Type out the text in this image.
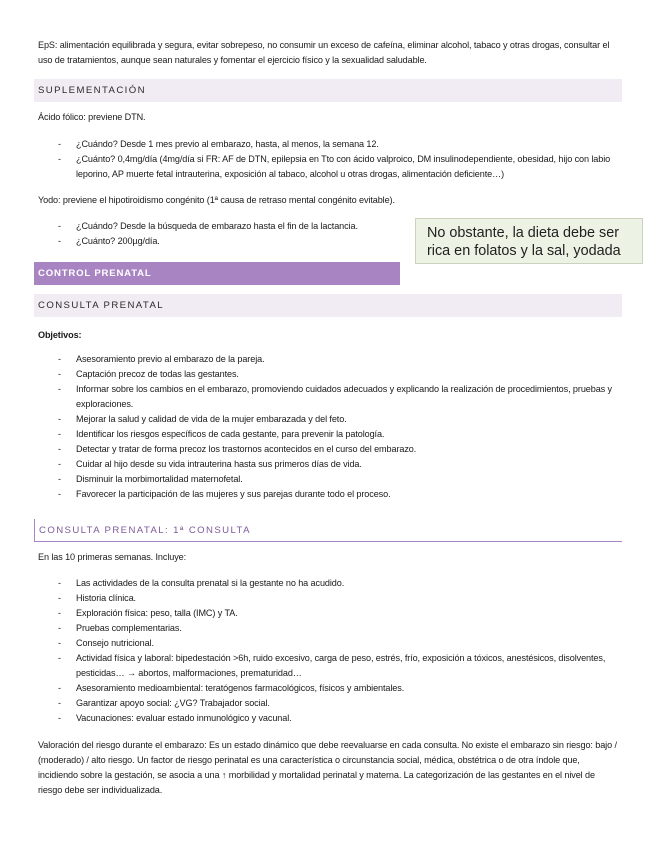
EpS: alimentación equilibrada y segura, evitar sobrepeso, no consumir un exceso de cafeína, eliminar alcohol, tabaco y otras drogas, consultar el uso de tratamientos, aunque sean naturales y fomentar el ejercicio físico y la sexualidad saludable.
SUPLEMENTACIÓN
Ácido fólico: previene DTN.
- ¿Cuándo? Desde 1 mes previo al embarazo, hasta, al menos, la semana 12.
- ¿Cuánto? 0,4mg/día (4mg/día si FR: AF de DTN, epilepsia en Tto con ácido valproico, DM insulinodependiente, obesidad, hijo con labio leporino, AP muerte fetal intrauterina, exposición al tabaco, alcohol u otras drogas, alimentación deficiente…)
Yodo: previene el hipotiroidismo congénito (1ª causa de retraso mental congénito evitable).
- ¿Cuándo? Desde la búsqueda de embarazo hasta el fin de la lactancia.
- ¿Cuánto? 200µg/día.	No obstante, la dieta debe ser rica en folatos y la sal, yodada
CONTROL PRENATAL
CONSULTA PRENATAL
Objetivos:
- Asesoramiento previo al embarazo de la pareja.
- Captación precoz de todas las gestantes.
- Informar sobre los cambios en el embarazo, promoviendo cuidados adecuados y explicando la realización de procedimientos, pruebas y exploraciones.
- Mejorar la salud y calidad de vida de la mujer embarazada y del feto.
- Identificar los riesgos específicos de cada gestante, para prevenir la patología.
- Detectar y tratar de forma precoz los trastornos acontecidos en el curso del embarazo.
- Cuidar al hijo desde su vida intrauterina hasta sus primeros días de vida.
- Disminuir la morbimortalidad maternofetal.
- Favorecer la participación de las mujeres y sus parejas durante todo el proceso.
CONSULTA PRENATAL: 1ª CONSULTA
En las 10 primeras semanas. Incluye:
- Las actividades de la consulta prenatal si la gestante no ha acudido.
- Historia clínica.
- Exploración física: peso, talla (IMC) y TA.
- Pruebas complementarias.
- Consejo nutricional.
- Actividad física y laboral: bipedestación >6h, ruido excesivo, carga de peso, estrés, frío, exposición a tóxicos, anestésicos, disolventes, pesticidas… → abortos, malformaciones, prematuridad…
- Asesoramiento medioambiental: teratógenos farmacológicos, físicos y ambientales.
- Garantizar apoyo social: ¿VG? Trabajador social.
- Vacunaciones: evaluar estado inmunológico y vacunal.
Valoración del riesgo durante el embarazo: Es un estado dinámico que debe reevaluarse en cada consulta. No existe el embarazo sin riesgo: bajo / (moderado) / alto riesgo. Un factor de riesgo perinatal es una característica o circunstancia social, médica, obstétrica o de otra índole que, incidiendo sobre la gestación, se asocia a una ↑ morbilidad y mortalidad perinatal y materna. La categorización de las gestantes en el nivel de riesgo debe ser individualizada.
